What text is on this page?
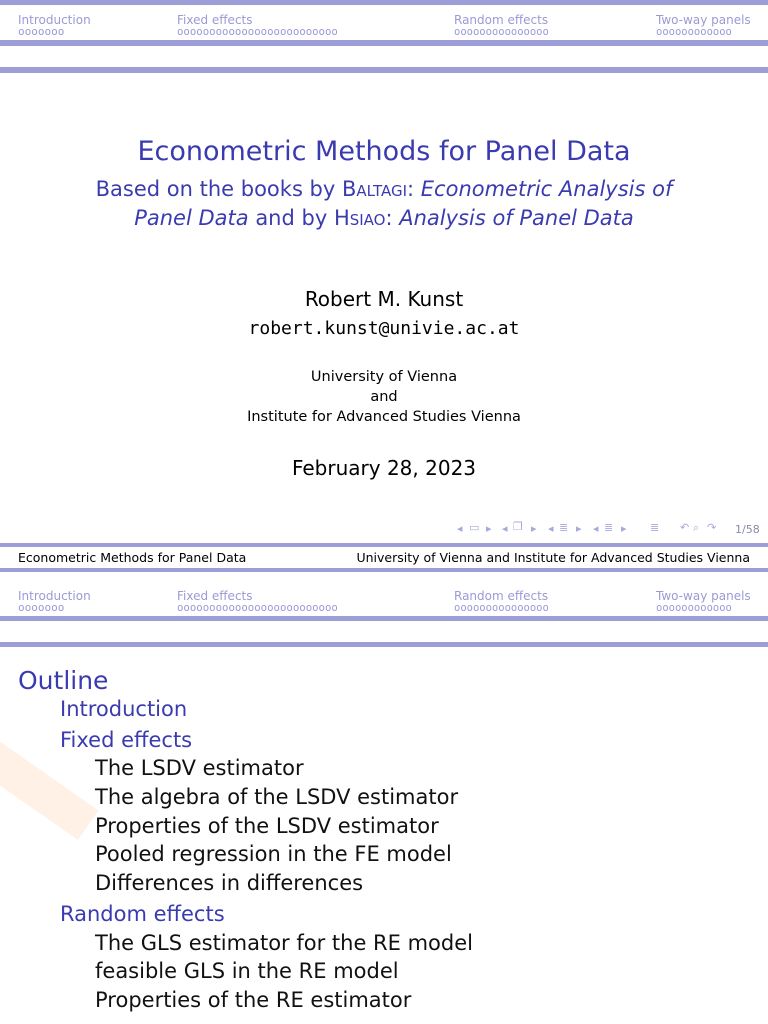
Introduction	Fixed effects	Random effects	Two-way panels
ooooooo	ooooooooooooooooooooooooo	ooooooooooooooo	oooooooooooo
Econometric Methods for Panel Data
Based on the books by Baltagi: Econometric Analysis of
Panel Data and by Hsiao: Analysis of Panel Data
Robert M. Kunst
robert.kunst@univie.ac.at
University of Vienna
and
Institute for Advanced Studies Vienna
February 28, 2023
◂ ▭ ▸ ◂ ❐ ▸ ◂ ≣ ▸ ◂ ≣ ▸ ≣ ↶ ⌕ ↷ 1/58
Econometric Methods for Panel Data	University of Vienna and Institute for Advanced Studies Vienna
Introduction	Fixed effects	Random effects	Two-way panels
ooooooo	ooooooooooooooooooooooooo	ooooooooooooooo	oooooooooooo
Outline
Introduction
Fixed effects
The LSDV estimator
The algebra of the LSDV estimator
Properties of the LSDV estimator
Pooled regression in the FE model
Differences in differences
Random effects
The GLS estimator for the RE model
feasible GLS in the RE model
Properties of the RE estimator
